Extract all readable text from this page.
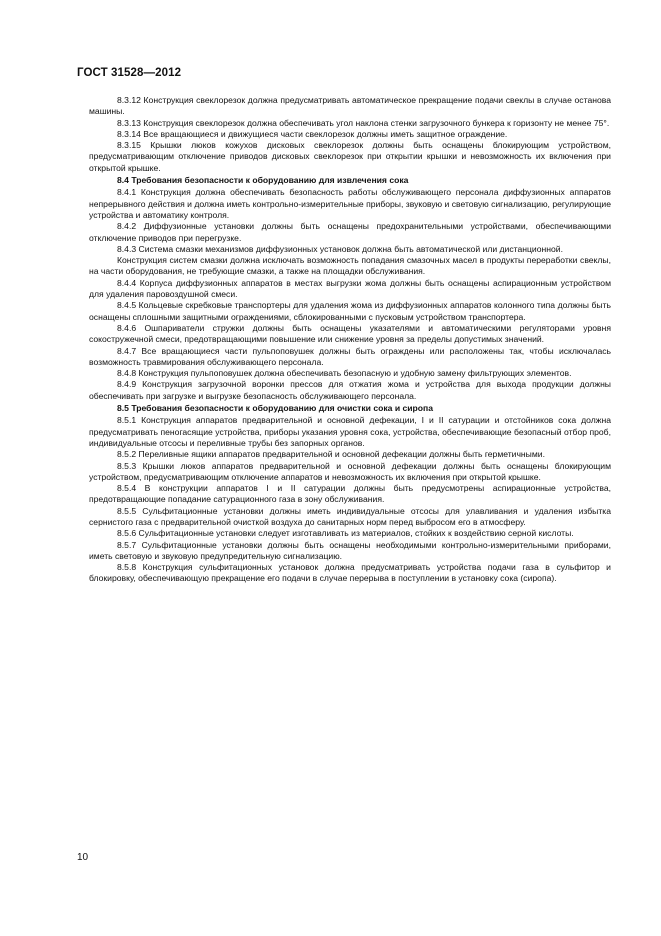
ГОСТ 31528—2012

8.3.12 Конструкция свеклорезок должна предусматривать автоматическое прекращение подачи свеклы в случае останова машины.

8.3.13 Конструкция свеклорезок должна обеспечивать угол наклона стенки загрузочного бункера к горизонту не менее 75°.

8.3.14 Все вращающиеся и движущиеся части свеклорезок должны иметь защитное ограждение.

8.3.15 Крышки люков кожухов дисковых свеклорезок должны быть оснащены блокирующим устройством, предусматривающим отключение приводов дисковых свеклорезок при открытии крышки и невозможность их включения при открытой крышке.

8.4 Требования безопасности к оборудованию для извлечения сока

8.4.1 Конструкция должна обеспечивать безопасность работы обслуживающего персонала диффузионных аппаратов непрерывного действия и должна иметь контрольно-измерительные приборы, звуковую и световую сигнализацию, регулирующие устройства и автоматику контроля.

8.4.2 Диффузионные установки должны быть оснащены предохранительными устройствами, обеспечивающими отключение приводов при перегрузке.

8.4.3 Система смазки механизмов диффузионных установок должна быть автоматической или дистанционной.

Конструкция систем смазки должна исключать возможность попадания смазочных масел в продукты переработки свеклы, на части оборудования, не требующие смазки, а также на площадки обслуживания.

8.4.4 Корпуса диффузионных аппаратов в местах выгрузки жома должны быть оснащены аспирационным устройством для удаления паровоздушной смеси.

8.4.5 Кольцевые скребковые транспортеры для удаления жома из диффузионных аппаратов колонного типа должны быть оснащены сплошными защитными ограждениями, сблокированными с пусковым устройством транспортера.

8.4.6 Ошпариватели стружки должны быть оснащены указателями и автоматическими регуляторами уровня сокостружечной смеси, предотвращающими повышение или снижение уровня за пределы допустимых значений.

8.4.7 Все вращающиеся части пульпоповушек должны быть ограждены или расположены так, чтобы исключалась возможность травмирования обслуживающего персонала.

8.4.8 Конструкция пульпоповушек должна обеспечивать безопасную и удобную замену фильтрующих элементов.

8.4.9 Конструкция загрузочной воронки прессов для отжатия жома и устройства для выхода продукции должны обеспечивать при загрузке и выгрузке безопасность обслуживающего персонала.

8.5 Требования безопасности к оборудованию для очистки сока и сиропа

8.5.1 Конструкция аппаратов предварительной и основной дефекации, I и II сатурации и отстойников сока должна предусматривать пеногасящие устройства, приборы указания уровня сока, устройства, обеспечивающие безопасный отбор проб, индивидуальные отсосы и переливные трубы без запорных органов.

8.5.2 Переливные ящики аппаратов предварительной и основной дефекации должны быть герметичными.

8.5.3 Крышки люков аппаратов предварительной и основной дефекации должны быть оснащены блокирующим устройством, предусматривающим отключение аппаратов и невозможность их включения при открытой крышке.

8.5.4 В конструкции аппаратов I и II сатурации должны быть предусмотрены аспирационные устройства, предотвращающие попадание сатурационного газа в зону обслуживания.

8.5.5 Сульфитационные установки должны иметь индивидуальные отсосы для улавливания и удаления избытка сернистого газа с предварительной очисткой воздуха до санитарных норм перед выбросом его в атмосферу.

8.5.6 Сульфитационные установки следует изготавливать из материалов, стойких к воздействию серной кислоты.

8.5.7 Сульфитационные установки должны быть оснащены необходимыми контрольно-измерительными приборами, иметь световую и звуковую предупредительную сигнализацию.

8.5.8 Конструкция сульфитационных установок должна предусматривать устройства подачи газа в сульфитор и блокировку, обеспечивающую прекращение его подачи в случае перерыва в поступлении в установку сока (сиропа).

10
